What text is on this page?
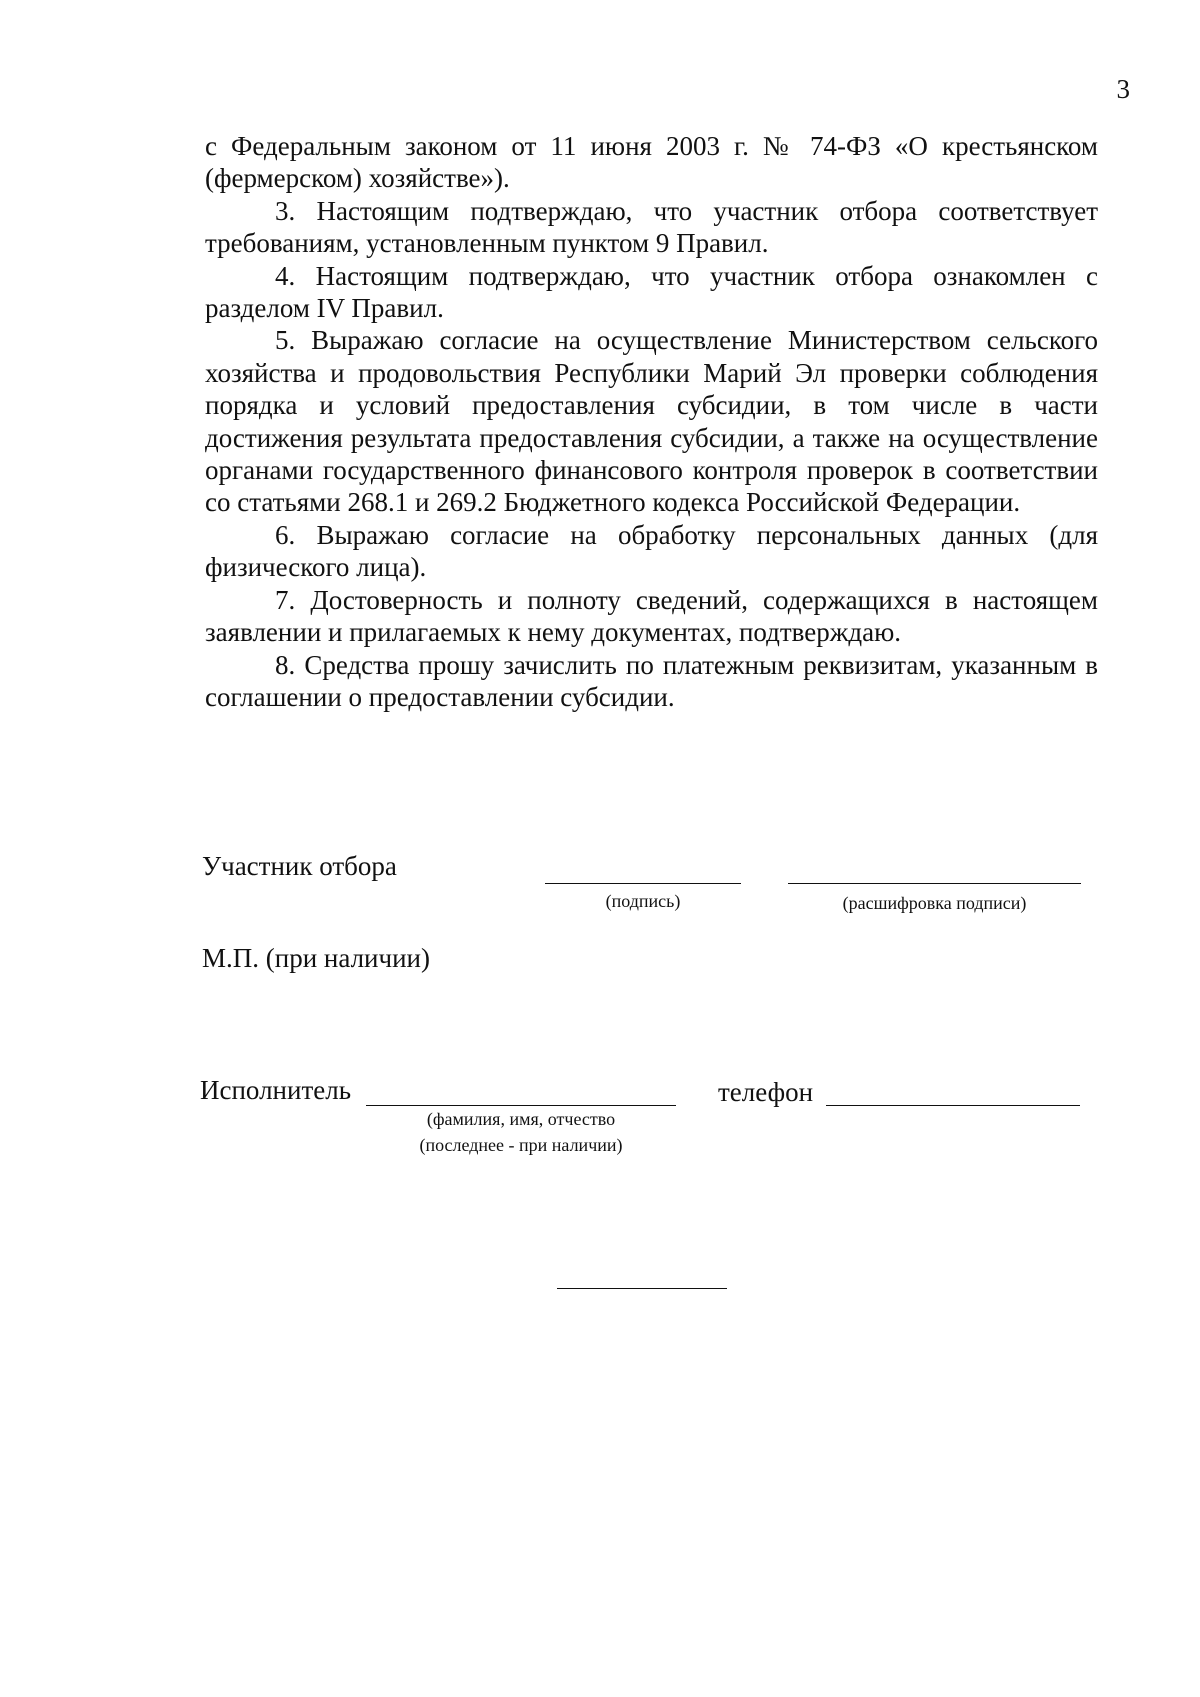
3

с Федеральным законом от 11 июня 2003 г. № 74-ФЗ «О крестьянском (фермерском) хозяйстве»).

3. Настоящим подтверждаю, что участник отбора соответствует требованиям, установленным пунктом 9 Правил.

4. Настоящим подтверждаю, что участник отбора ознакомлен с разделом IV Правил.

5. Выражаю согласие на осуществление Министерством сельского хозяйства и продовольствия Республики Марий Эл проверки соблюдения порядка и условий предоставления субсидии, в том числе в части достижения результата предоставления субсидии, а также на осуществление органами государственного финансового контроля проверок в соответствии со статьями 268.1 и 269.2 Бюджетного кодекса Российской Федерации.

6. Выражаю согласие на обработку персональных данных (для физического лица).

7. Достоверность и полноту сведений, содержащихся в настоящем заявлении и прилагаемых к нему документах, подтверждаю.

8. Средства прошу зачислить по платежным реквизитам, указанным в соглашении о предоставлении субсидии.

Участник отбора
(подпись)	(расшифровка подписи)
М.П. (при наличии)
Исполнитель
(фамилия, имя, отчество
(последнее - при наличии)
телефон
